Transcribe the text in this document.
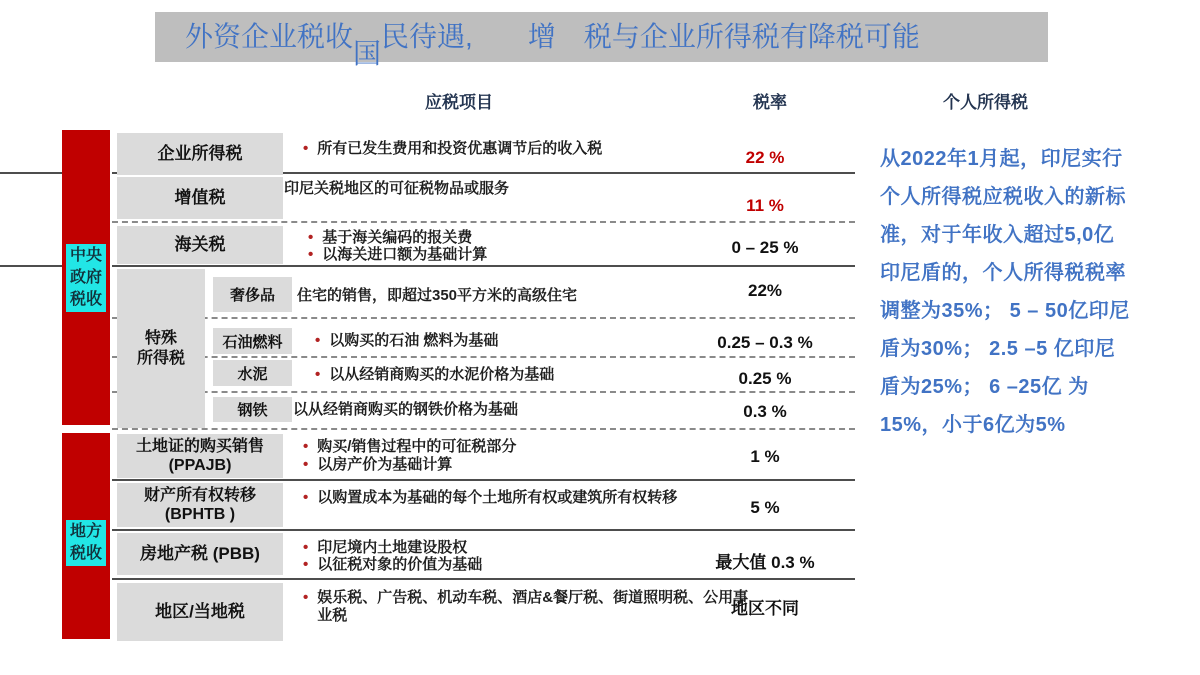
外资企业税收国民待遇, 增 税与企业所得税有降税可能
应税项目	税率	个人所得税
中央
政府
税收
地方
税收
企业所得税
增值税
海关税
特殊
所得税
奢侈品
石油燃料
水泥
钢铁
土地证的购买销售
(PPAJB)
财产所有权转移
(BPHTB )
房地产税 (PBB)
地区/当地税
•
所有已发生费用和投资优惠调节后的收入税
印尼关税地区的可征税物品或服务
•
基于海关编码的报关费
•
以海关进口额为基础计算
住宅的销售，即超过350平方米的高级住宅
•
以购买的石油 燃料为基础
•
以从经销商购买的水泥价格为基础
以从经销商购买的钢铁价格为基础
•
购买/销售过程中的可征税部分
•
以房产价为基础计算
•
以购置成本为基础的每个土地所有权或建筑所有权转移
•
印尼境内土地建设股权
•
以征税对象的价值为基础
•
娱乐税、广告税、机动车税、酒店&餐厅税、街道照明税、公用事业税
22 %
11 %
0 – 25 %
22%
0.25 – 0.3 %
0.25 %
0.3 %
1 %
5 %
最大值 0.3 %
地区不同
从2022年1月起，印尼实行个人所得税应税收入的新标准，对于年收入超过5,0亿印尼盾的，个人所得税税率调整为35%； 5 – 50亿印尼盾为30%； 2.5 –5 亿印尼盾为25%； 6 –25亿 为15%，小于6亿为5%
